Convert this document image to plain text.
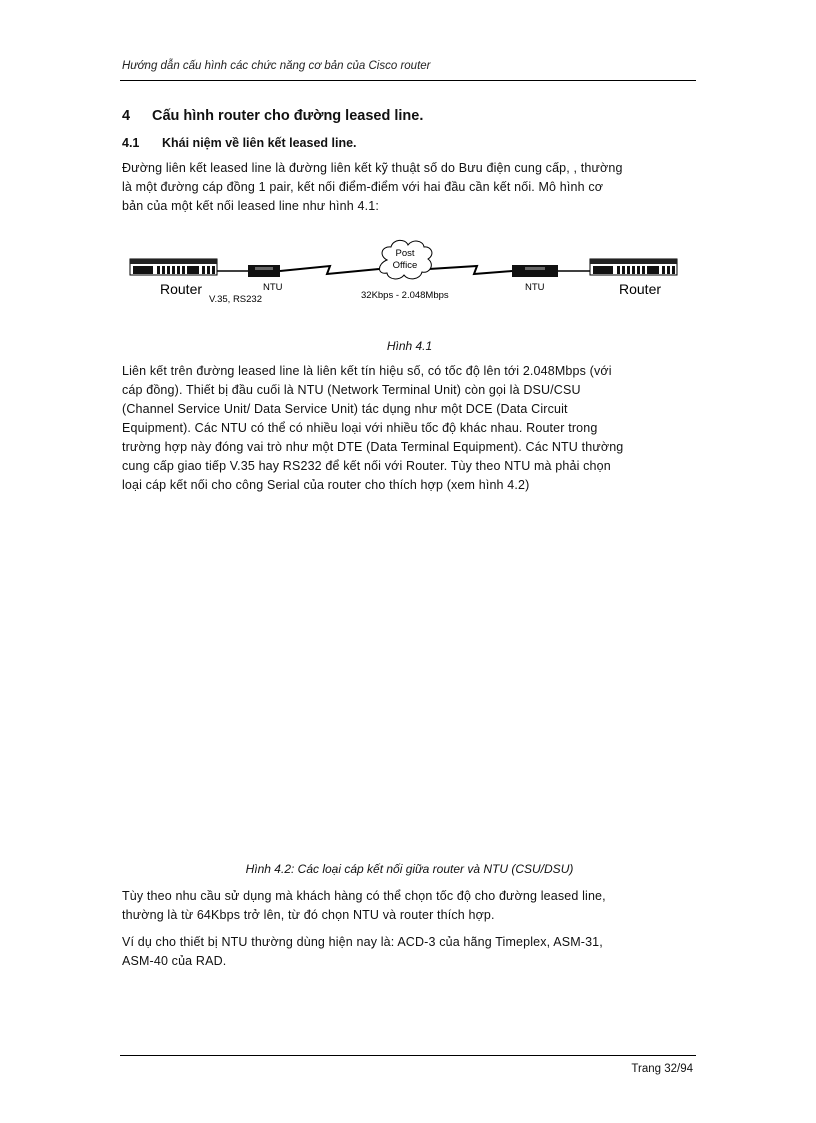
Hướng dẫn cấu hình các chức năng cơ bản của Cisco router
4 Cấu hình router cho đường leased line.
4.1 Khái niệm về liên kết leased line.
Đường liên kết leased line là đường liên kết kỹ thuật số do Bưu điện cung cấp, , thường
là một đường cáp đồng 1 pair, kết nối điểm-điểm với hai đầu cần kết nối. Mô hình cơ
bản của một kết nối leased line như hình 4.1:
Post
Office
Router	Router
NTU	NTU
V.35, RS232	32Kbps - 2.048Mbps
Hình 4.1
Liên kết trên đường leased line là liên kết tín hiệu số, có tốc độ lên tới 2.048Mbps (với
cáp đồng). Thiết bị đầu cuối là NTU (Network Terminal Unit) còn gọi là DSU/CSU
(Channel Service Unit/ Data Service Unit) tác dụng như một DCE (Data Circuit
Equipment). Các NTU có thể có nhiều loại với nhiều tốc độ khác nhau. Router trong
trường hợp này đóng vai trò như một DTE (Data Terminal Equipment). Các NTU thường
cung cấp giao tiếp V.35 hay RS232 để kết nối với Router. Tùy theo NTU mà phải chọn
loại cáp kết nối cho công Serial của router cho thích hợp (xem hình 4.2)
Hình 4.2: Các loại cáp kết nối giữa router và NTU (CSU/DSU)
Tùy theo nhu cầu sử dụng mà khách hàng có thể chọn tốc độ cho đường leased line,
thường là từ 64Kbps trở lên, từ đó chọn NTU và router thích hợp.
Ví dụ cho thiết bị NTU thường dùng hiện nay là: ACD-3 của hãng Timeplex, ASM-31,
ASM-40 của RAD.
Trang 32/94
